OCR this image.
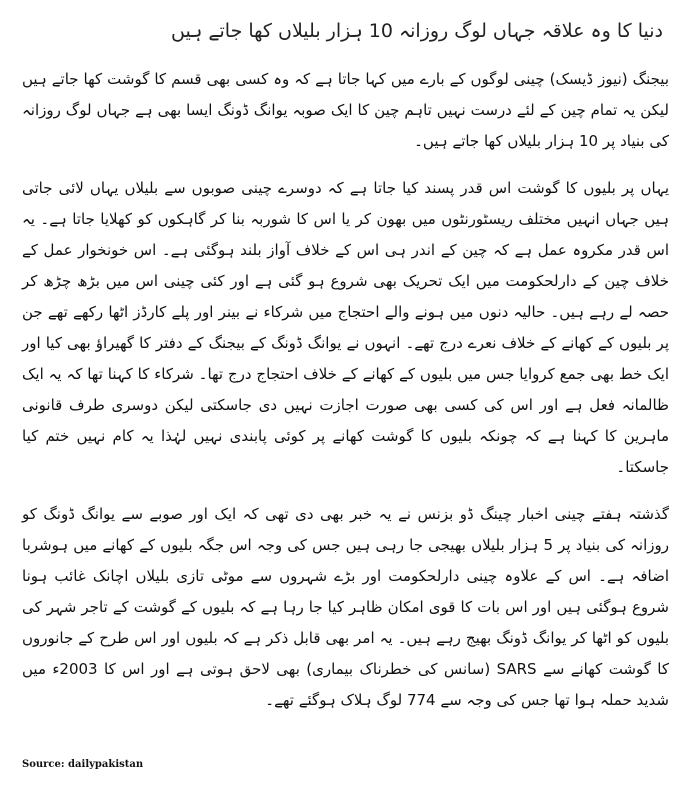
دنیا کا وہ علاقہ جہاں لوگ روزانہ 10 ہزار بلیلاں کھا جاتے ہیں

بیجنگ (نیوز ڈیسک) چینی لوگوں کے بارے میں کہا جاتا ہے کہ وہ کسی بھی قسم کا گوشت کھا جاتے ہیں لیکن یہ تمام چین کے لئے درست نہیں تاہم چین کا ایک صوبہ یوانگ ڈونگ ایسا بھی ہے جہاں لوگ روزانہ کی بنیاد پر 10 ہزار بلیلاں کھا جاتے ہیں۔

یہاں پر بلیوں کا گوشت اس قدر پسند کیا جاتا ہے کہ دوسرے چینی صوبوں سے بلیلاں یہاں لائی جاتی ہیں جہاں انہیں مختلف ریسٹورنٹوں میں بھون کر یا اس کا شوربہ بنا کر گاہکوں کو کھلایا جاتا ہے۔ یہ اس قدر مکروہ عمل ہے کہ چین کے اندر ہی اس کے خلاف آواز بلند ہوگئی ہے۔ اس خونخوار عمل کے خلاف چین کے دارلحکومت میں ایک تحریک بھی شروع ہو گئی ہے اور کئی چینی اس میں بڑھ چڑھ کر حصہ لے رہے ہیں۔ حالیہ دنوں میں ہونے والے احتجاج میں شرکاء نے بینر اور پلے کارڈز اٹھا رکھے تھے جن پر بلیوں کے کھانے کے خلاف نعرے درج تھے۔ انہوں نے یوانگ ڈونگ کے بیجنگ کے دفتر کا گھیراؤ بھی کیا اور ایک خط بھی جمع کروایا جس میں بلیوں کے کھانے کے خلاف احتجاج درج تھا۔ شرکاء کا کہنا تھا کہ یہ ایک ظالمانہ فعل ہے اور اس کی کسی بھی صورت اجازت نہیں دی جاسکتی لیکن دوسری طرف قانونی ماہرین کا کہنا ہے کہ چونکہ بلیوں کا گوشت کھانے پر کوئی پابندی نہیں لہٰذا یہ کام نہیں ختم کیا جاسکتا۔

گذشتہ ہفتے چینی اخبار چینگ ڈو بزنس نے یہ خبر بھی دی تھی کہ ایک اور صوبے سے یوانگ ڈونگ کو روزانہ کی بنیاد پر 5 ہزار بلیلاں بھیجی جا رہی ہیں جس کی وجہ اس جگہ بلیوں کے کھانے میں ہوشربا اضافہ ہے۔ اس کے علاوہ چینی دارلحکومت اور بڑے شہروں سے موٹی تازی بلیلاں اچانک غائب ہونا شروع ہوگئی ہیں اور اس بات کا قوی امکان ظاہر کیا جا رہا ہے کہ بلیوں کے گوشت کے تاجر شہر کی بلیوں کو اٹھا کر یوانگ ڈونگ بھیج رہے ہیں۔ یہ امر بھی قابل ذکر ہے کہ بلیوں اور اس طرح کے جانوروں کا گوشت کھانے سے SARS (سانس کی خطرناک بیماری) بھی لاحق ہوتی ہے اور اس کا 2003ء میں شدید حملہ ہوا تھا جس کی وجہ سے 774 لوگ ہلاک ہوگئے تھے۔

Source: dailypakistan
